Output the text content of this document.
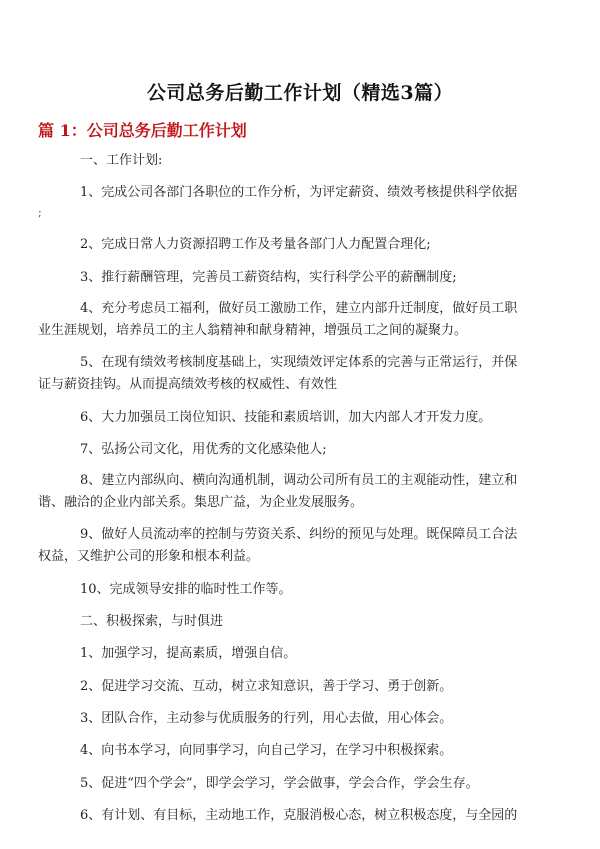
公司总务后勤工作计划（精选3篇）
篇 1：公司总务后勤工作计划

一、工作计划:

1、完成公司各部门各职位的工作分析，为评定薪资、绩效考核提供科学依据

;

2、完成日常人力资源招聘工作及考量各部门人力配置合理化;

3、推行薪酬管理，完善员工薪资结构，实行科学公平的薪酬制度;

4、充分考虑员工福利，做好员工激励工作，建立内部升迁制度，做好员工职

业生涯规划，培养员工的主人翁精神和献身精神，增强员工之间的凝聚力。

5、在现有绩效考核制度基础上，实现绩效评定体系的完善与正常运行，并保

证与薪资挂钩。从而提高绩效考核的权威性、有效性

6、大力加强员工岗位知识、技能和素质培训，加大内部人才开发力度。

7、弘扬公司文化，用优秀的文化感染他人;

8、建立内部纵向、横向沟通机制，调动公司所有员工的主观能动性，建立和

谐、融洽的企业内部关系。集思广益，为企业发展服务。

9、做好人员流动率的控制与劳资关系、纠纷的预见与处理。既保障员工合法

权益，又维护公司的形象和根本利益。

10、完成领导安排的临时性工作等。

二、积极探索，与时俱进

1、加强学习，提高素质，增强自信。

2、促进学习交流、互动，树立求知意识，善于学习、勇于创新。

3、团队合作，主动参与优质服务的行列，用心去做，用心体会。

4、向书本学习，向同事学习，向自己学习，在学习中积极探索。

5、促进“四个学会”，即学会学习，学会做事，学会合作，学会生存。

6、有计划、有目标，主动地工作，克服消极心态，树立积极态度，与全园的
